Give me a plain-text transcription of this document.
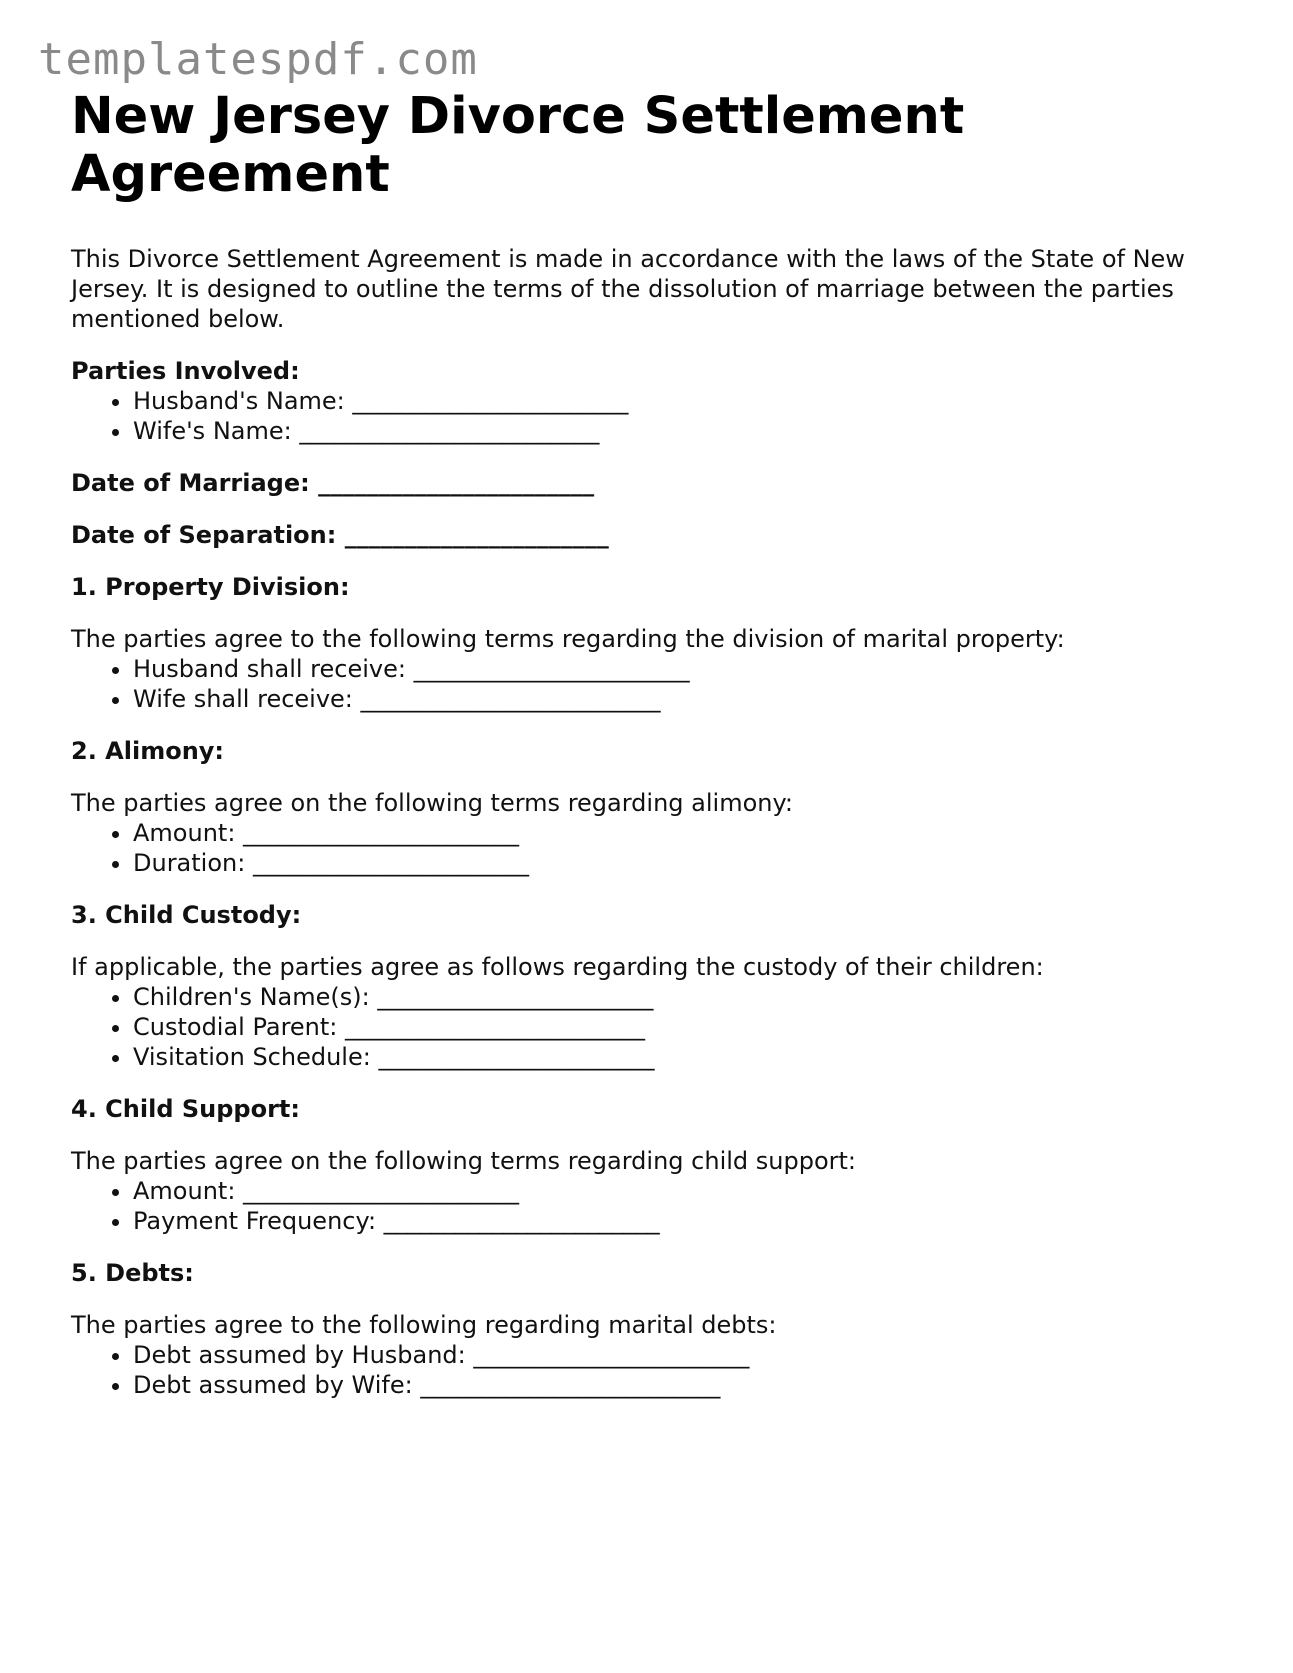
templatespdf.com
New Jersey Divorce Settlement Agreement

This Divorce Settlement Agreement is made in accordance with the laws of the State of New Jersey. It is designed to outline the terms of the dissolution of marriage between the parties mentioned below.

Parties Involved:

• Husband's Name: _______________________
• Wife's Name: _________________________

Date of Marriage: _______________________

Date of Separation: ______________________

1. Property Division:

The parties agree to the following terms regarding the division of marital property:

• Husband shall receive: _______________________
• Wife shall receive: _________________________

2. Alimony:

The parties agree on the following terms regarding alimony:

• Amount: _______________________
• Duration: _______________________

3. Child Custody:

If applicable, the parties agree as follows regarding the custody of their children:

• Children's Name(s): _______________________
• Custodial Parent: _________________________
• Visitation Schedule: _______________________

4. Child Support:

The parties agree on the following terms regarding child support:

• Amount: _______________________
• Payment Frequency: _______________________

5. Debts:

The parties agree to the following regarding marital debts:

• Debt assumed by Husband: _______________________
• Debt assumed by Wife: _________________________
